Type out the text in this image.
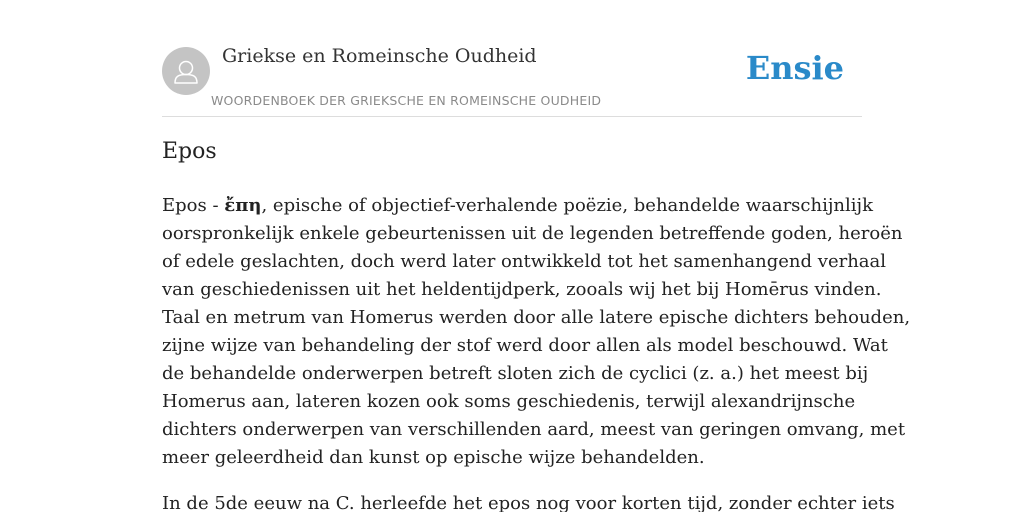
Griekse en Romeinsche Oudheid
WOORDENBOEK DER GRIEKSCHE EN ROMEINSCHE OUDHEID
Ensie
Epos

Epos - ἔπη, epische of objectief-verhalende poëzie, behandelde waarschijnlijk
oorspronkelijk enkele gebeurtenissen uit de legenden betreffende goden, heroën
of edele geslachten, doch werd later ontwikkeld tot het samenhangend verhaal
van geschiedenissen uit het heldentijdperk, zooals wij het bij Homērus vinden.
Taal en metrum van Homerus werden door alle latere epische dichters behouden,
zijne wijze van behandeling der stof werd door allen als model beschouwd. Wat
de behandelde onderwerpen betreft sloten zich de cyclici (z. a.) het meest bij
Homerus aan, lateren kozen ook soms geschiedenis, terwijl alexandrijnsche
dichters onderwerpen van verschillenden aard, meest van geringen omvang, met
meer geleerdheid dan kunst op epische wijze behandelden.

In de 5de eeuw na C. herleefde het epos nog voor korten tijd, zonder echter iets
